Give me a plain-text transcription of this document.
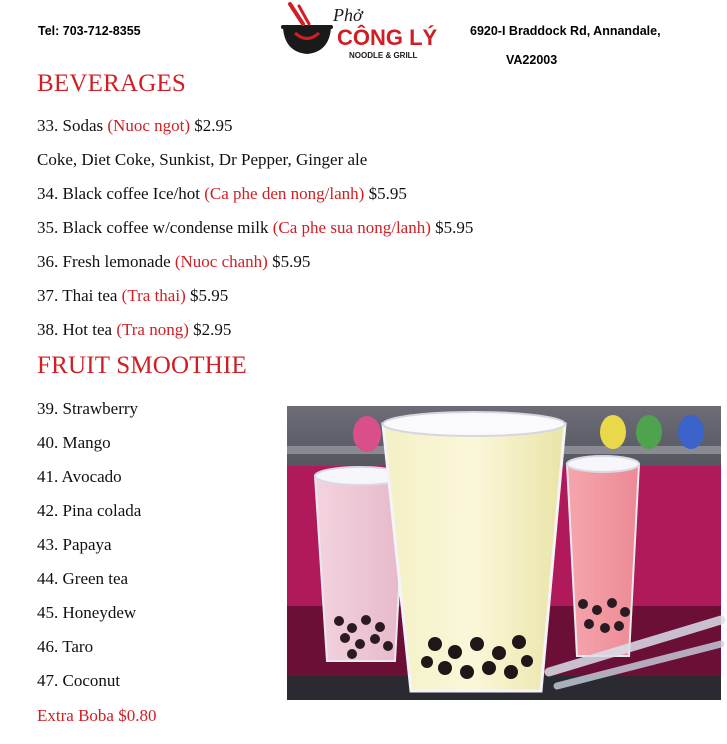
Tel: 703-712-8355	6920-I Braddock Rd, Annandale,
VA22003
Phở
CÔNG LÝ
NOODLE & GRILL
BEVERAGES
33. Sodas (Nuoc ngot) $2.95
Coke, Diet Coke, Sunkist, Dr Pepper, Ginger ale
34. Black coffee Ice/hot (Ca phe den nong/lanh) $5.95
35. Black coffee w/condense milk (Ca phe sua nong/lanh) $5.95
36. Fresh lemonade (Nuoc chanh) $5.95
37. Thai tea (Tra thai) $5.95
38. Hot tea (Tra nong) $2.95
FRUIT SMOOTHIE
39. Strawberry
40. Mango
41. Avocado
42. Pina colada
43. Papaya
44. Green tea
45. Honeydew
46. Taro
47. Coconut
Extra Boba $0.80
